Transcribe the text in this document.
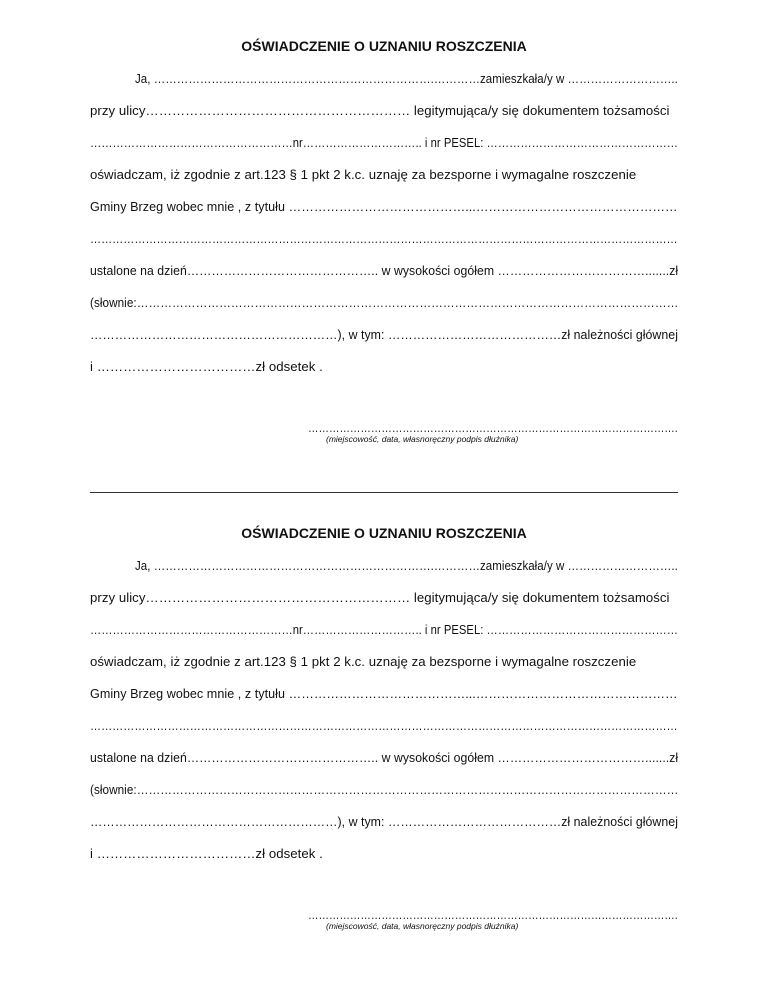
OŚWIADCZENIE O UZNANIU ROSZCZENIA
Ja, ……………………………………………………………….…………zamieszkała/y w ………………………..
przy ulicy…………………………………………………… legitymująca/y się dokumentem tożsamości
………………………………………………nr………………………….. i nr PESEL: ……………………………………………
oświadczam, iż zgodnie z art.123 § 1 pkt 2 k.c. uznaję za bezsporne i wymagalne roszczenie
Gminy Brzeg wobec mnie , z tytułu ……………………………………...…………………………………………
……………………………………………………………………………………………………………………………………………
ustalone na dzień……………………………………….. w wysokości ogółem ……………………………….......zł
(słownie:…………………………………………………………………………………………………………………………
……………………………………………………), w tym: ……………………………………zł należności głównej
i ………………………………zł odsetek .
…………………………………………………………………………………………….
(miejscowość, data, własnoręczny podpis dłużnika)
OŚWIADCZENIE O UZNANIU ROSZCZENIA
Ja, ……………………………………………………………….…………zamieszkała/y w ………………………..
przy ulicy…………………………………………………… legitymująca/y się dokumentem tożsamości
………………………………………………nr………………………….. i nr PESEL: ……………………………………………
oświadczam, iż zgodnie z art.123 § 1 pkt 2 k.c. uznaję za bezsporne i wymagalne roszczenie
Gminy Brzeg wobec mnie , z tytułu ……………………………………...…………………………………………
……………………………………………………………………………………………………………………………………………
ustalone na dzień……………………………………….. w wysokości ogółem ……………………………….......zł
(słownie:…………………………………………………………………………………………………………………………
……………………………………………………), w tym: ……………………………………zł należności głównej
i ………………………………zł odsetek .
…………………………………………………………………………………………….
(miejscowość, data, własnoręczny podpis dłużnika)
